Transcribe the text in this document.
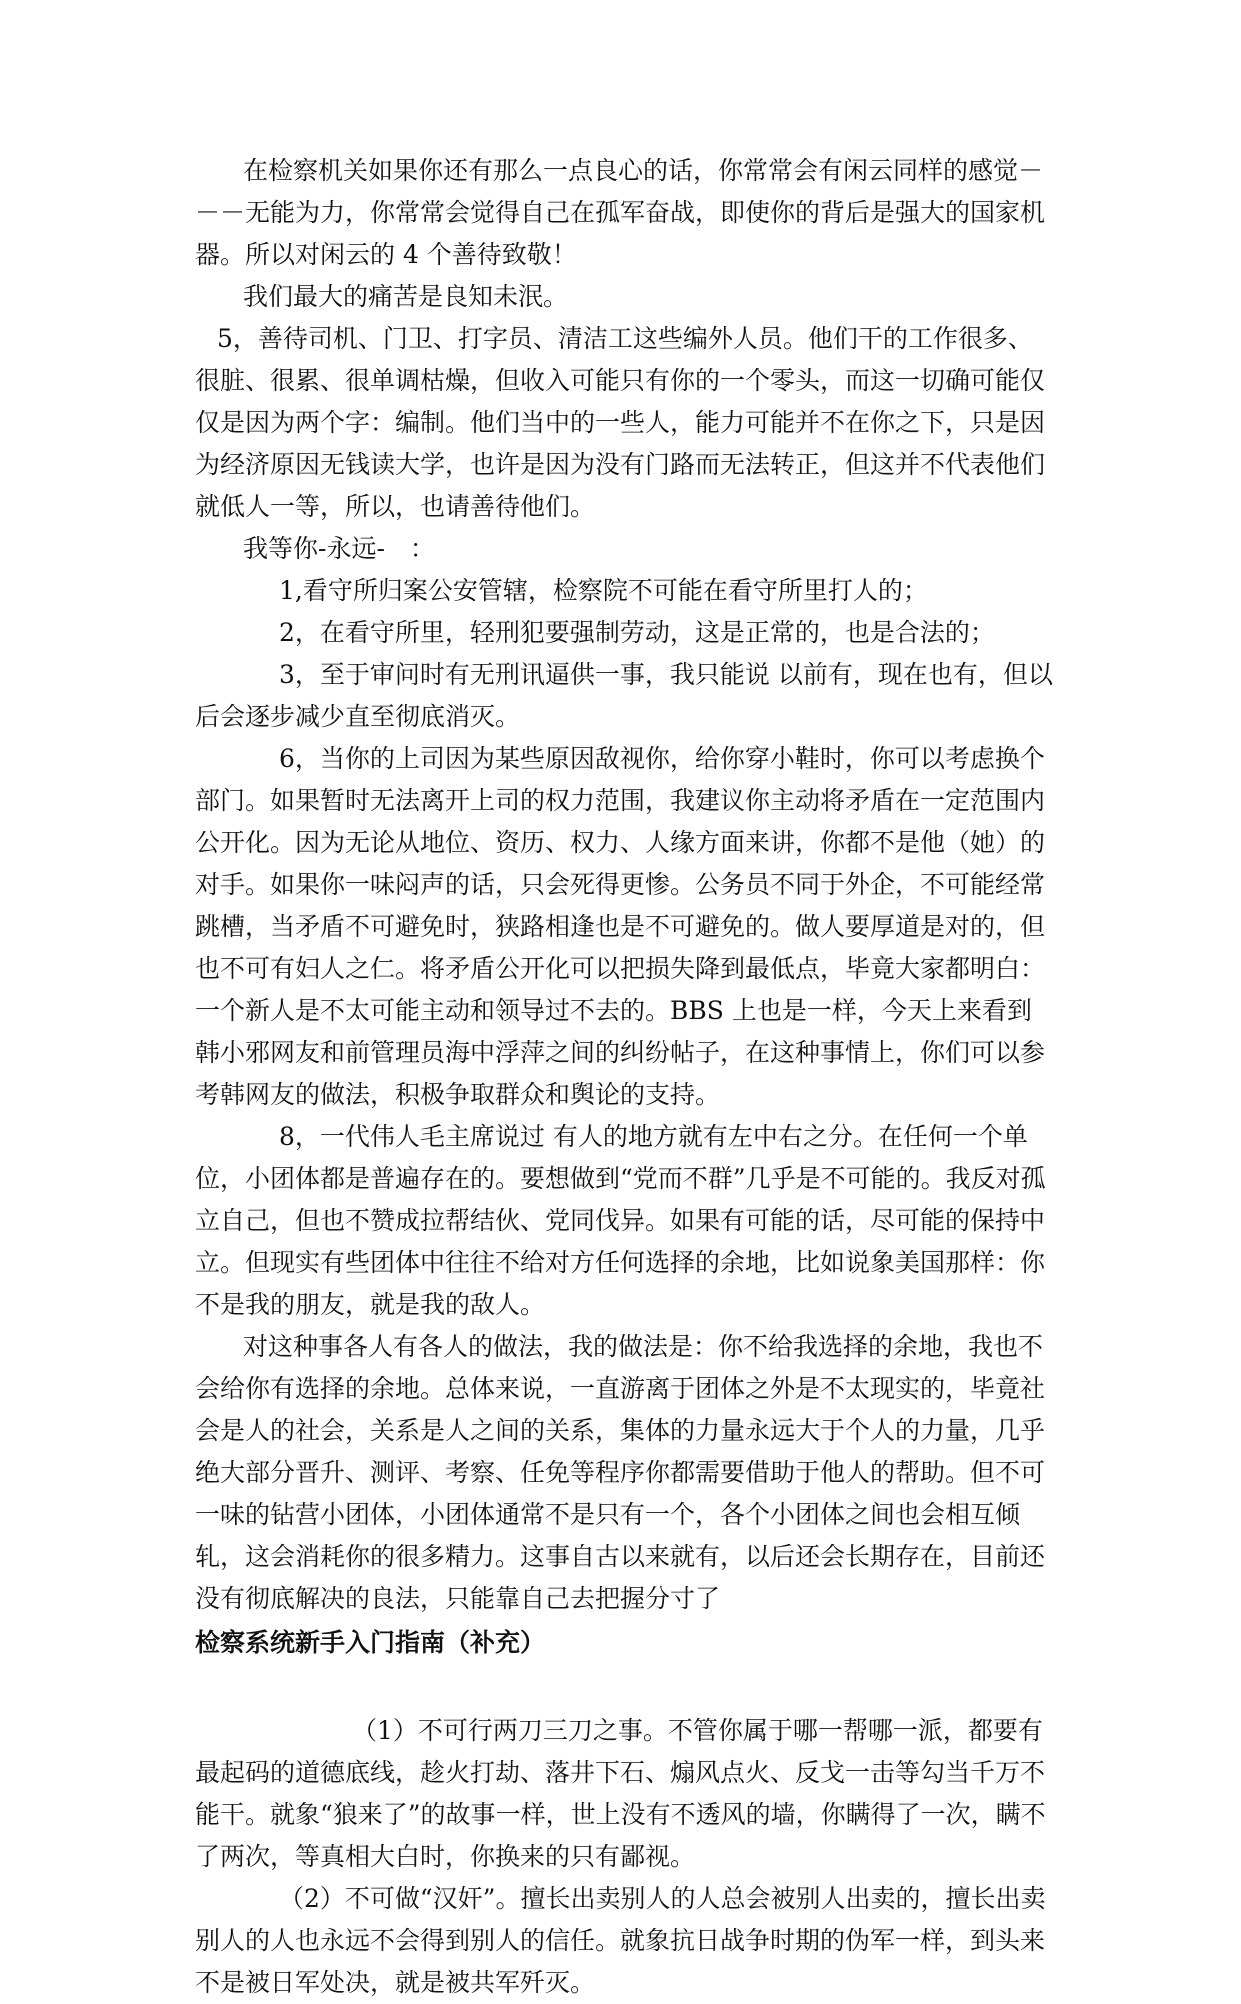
在检察机关如果你还有那么一点良心的话，你常常会有闲云同样的感觉－－－无能为力，你常常会觉得自己在孤军奋战，即使你的背后是强大的国家机器。所以对闲云的 4 个善待致敬！

我们最大的痛苦是良知未泯。

5，善待司机、门卫、打字员、清洁工这些编外人员。他们干的工作很多、很脏、很累、很单调枯燥，但收入可能只有你的一个零头，而这一切确可能仅仅是因为两个字：编制。他们当中的一些人，能力可能并不在你之下，只是因为经济原因无钱读大学，也许是因为没有门路而无法转正，但这并不代表他们就低人一等，所以，也请善待他们。

我等你-永远-　：

1,看守所归案公安管辖，检察院不可能在看守所里打人的；

2，在看守所里，轻刑犯要强制劳动，这是正常的，也是合法的；

3，至于审问时有无刑讯逼供一事，我只能说 以前有，现在也有，但以后会逐步减少直至彻底消灭。

6，当你的上司因为某些原因敌视你，给你穿小鞋时，你可以考虑换个部门。如果暂时无法离开上司的权力范围，我建议你主动将矛盾在一定范围内公开化。因为无论从地位、资历、权力、人缘方面来讲，你都不是他（她）的对手。如果你一味闷声的话，只会死得更惨。公务员不同于外企，不可能经常跳槽，当矛盾不可避免时，狭路相逢也是不可避免的。做人要厚道是对的，但也不可有妇人之仁。将矛盾公开化可以把损失降到最低点，毕竟大家都明白：一个新人是不太可能主动和领导过不去的。BBS 上也是一样，今天上来看到韩小邪网友和前管理员海中浮萍之间的纠纷帖子，在这种事情上，你们可以参考韩网友的做法，积极争取群众和舆论的支持。

8，一代伟人毛主席说过 有人的地方就有左中右之分。在任何一个单位，小团体都是普遍存在的。要想做到“党而不群”几乎是不可能的。我反对孤立自己，但也不赞成拉帮结伙、党同伐异。如果有可能的话，尽可能的保持中立。但现实有些团体中往往不给对方任何选择的余地，比如说象美国那样：你不是我的朋友，就是我的敌人。

对这种事各人有各人的做法，我的做法是：你不给我选择的余地，我也不会给你有选择的余地。总体来说，一直游离于团体之外是不太现实的，毕竟社会是人的社会，关系是人之间的关系，集体的力量永远大于个人的力量，几乎绝大部分晋升、测评、考察、任免等程序你都需要借助于他人的帮助。但不可一味的钻营小团体，小团体通常不是只有一个，各个小团体之间也会相互倾轧，这会消耗你的很多精力。这事自古以来就有，以后还会长期存在，目前还没有彻底解决的良法，只能靠自己去把握分寸了

检察系统新手入门指南（补充）

（1）不可行两刀三刀之事。不管你属于哪一帮哪一派，都要有最起码的道德底线，趁火打劫、落井下石、煽风点火、反戈一击等勾当千万不能干。就象“狼来了”的故事一样，世上没有不透风的墙，你瞒得了一次，瞒不了两次，等真相大白时，你换来的只有鄙视。

（2）不可做“汉奸”。擅长出卖别人的人总会被别人出卖的，擅长出卖别人的人也永远不会得到别人的信任。就象抗日战争时期的伪军一样，到头来不是被日军处决，就是被共军歼灭。
